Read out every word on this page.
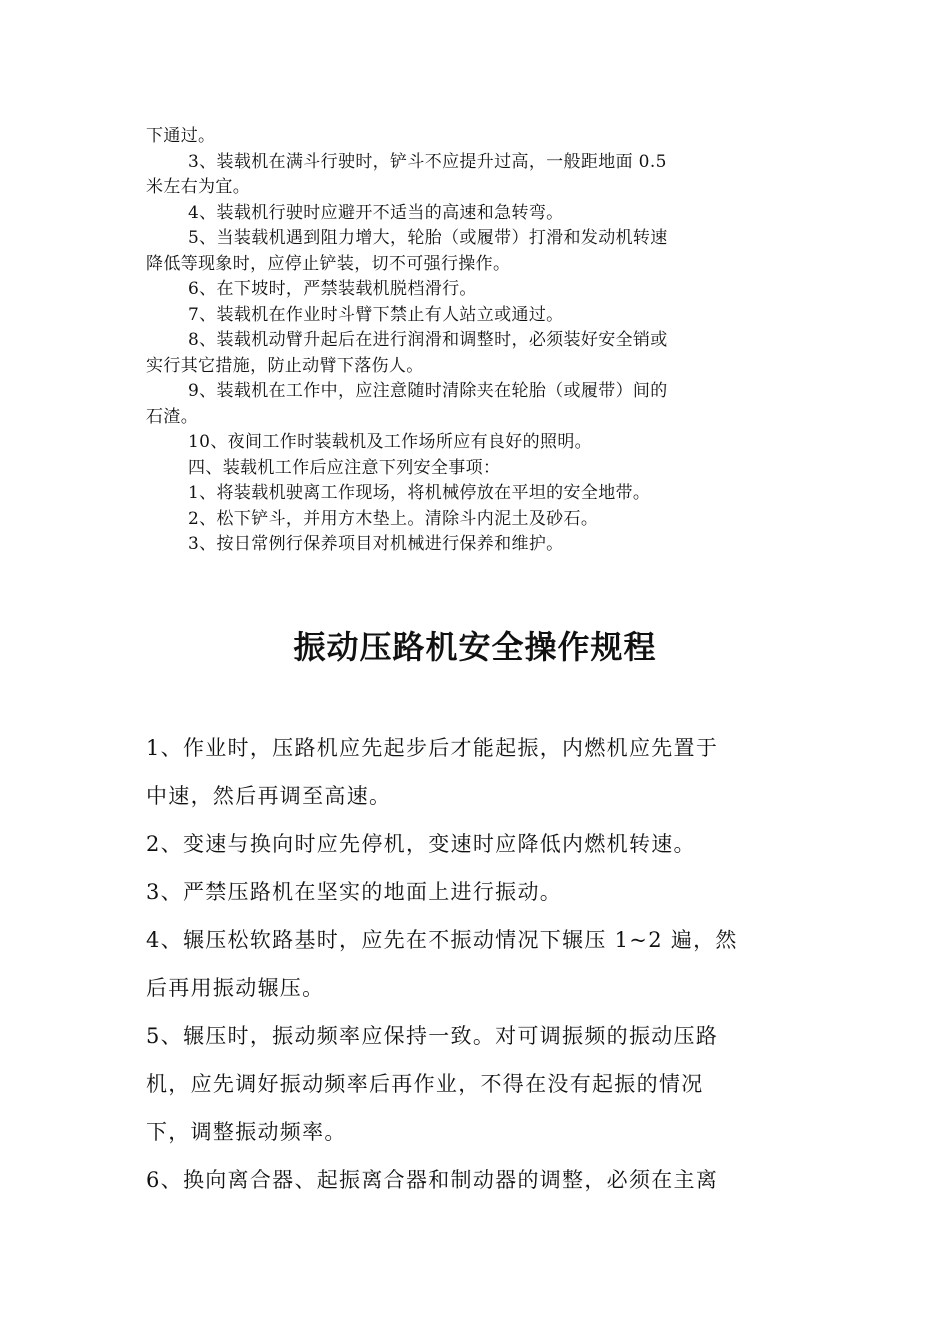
下通过。

3、装载机在满斗行驶时，铲斗不应提升过高，一般距地面 0.5

米左右为宜。

4、装载机行驶时应避开不适当的高速和急转弯。

5、当装载机遇到阻力增大，轮胎（或履带）打滑和发动机转速

降低等现象时，应停止铲装，切不可强行操作。

6、在下坡时，严禁装载机脱档滑行。

7、装载机在作业时斗臂下禁止有人站立或通过。

8、装载机动臂升起后在进行润滑和调整时，必须装好安全销或

实行其它措施，防止动臂下落伤人。

9、装载机在工作中，应注意随时清除夹在轮胎（或履带）间的

石渣。

10、夜间工作时装载机及工作场所应有良好的照明。

四、装载机工作后应注意下列安全事项：

1、将装载机驶离工作现场，将机械停放在平坦的安全地带。

2、松下铲斗，并用方木垫上。清除斗内泥土及砂石。

3、按日常例行保养项目对机械进行保养和维护。

振动压路机安全操作规程

1、作业时，压路机应先起步后才能起振，内燃机应先置于

中速，然后再调至高速。

2、变速与换向时应先停机，变速时应降低内燃机转速。

3、严禁压路机在坚实的地面上进行振动。

4、辗压松软路基时，应先在不振动情况下辗压 1~2 遍，然

后再用振动辗压。

5、辗压时，振动频率应保持一致。对可调振频的振动压路

机，应先调好振动频率后再作业，不得在没有起振的情况

下，调整振动频率。

6、换向离合器、起振离合器和制动器的调整，必须在主离
